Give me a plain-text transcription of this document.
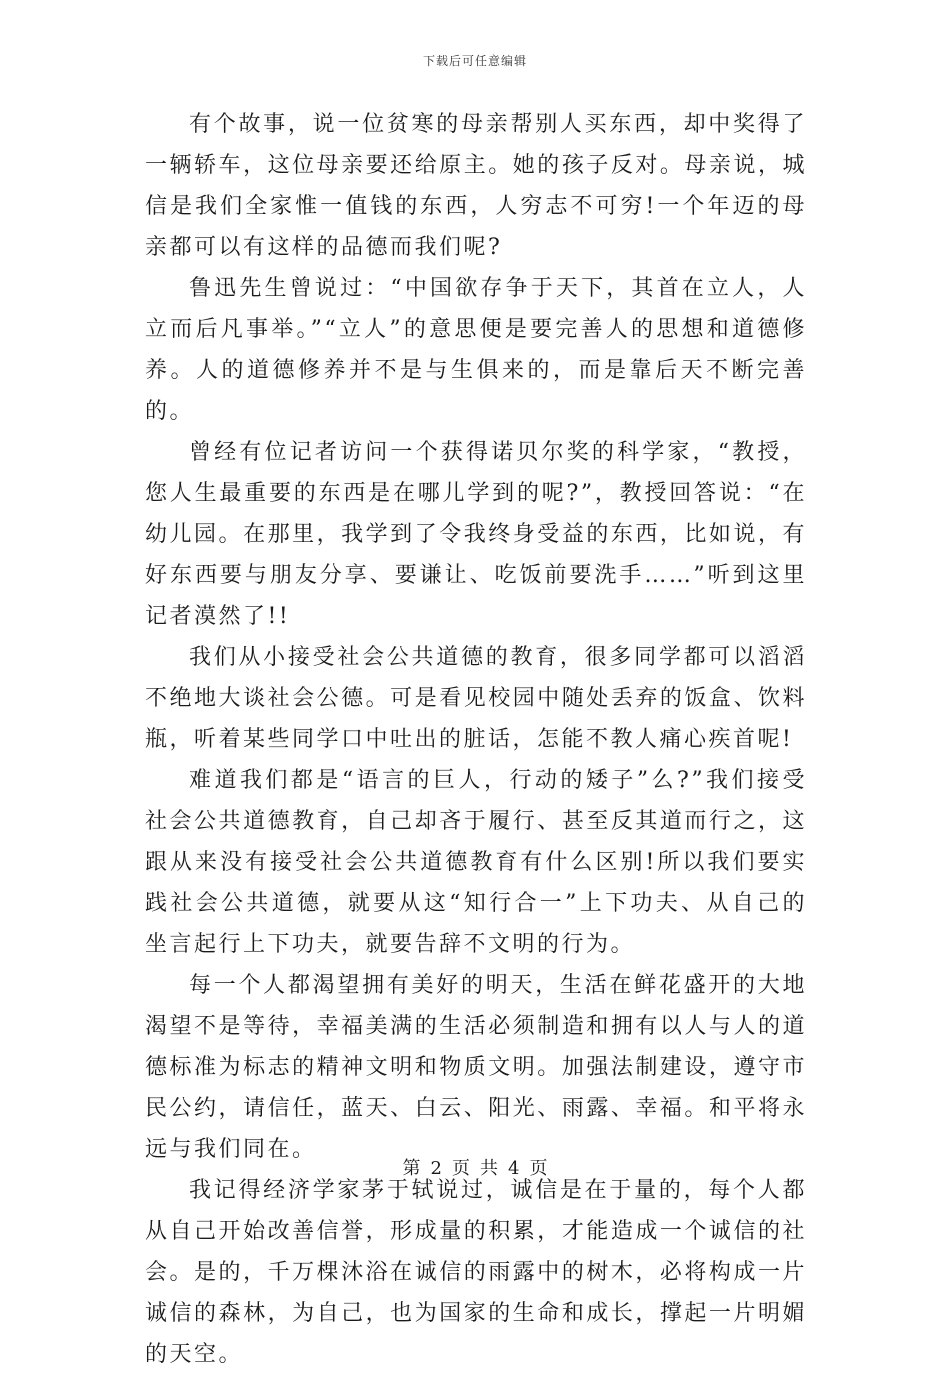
下载后可任意编辑

有个故事，说一位贫寒的母亲帮别人买东西，却中奖得了一辆轿车，这位母亲要还给原主。她的孩子反对。母亲说，城信是我们全家惟一值钱的东西，人穷志不可穷!一个年迈的母亲都可以有这样的品德而我们呢?

鲁迅先生曾说过：“中国欲存争于天下，其首在立人，人立而后凡事举。”“立人”的意思便是要完善人的思想和道德修养。人的道德修养并不是与生俱来的，而是靠后天不断完善的。

曾经有位记者访问一个获得诺贝尔奖的科学家，“教授，您人生最重要的东西是在哪儿学到的呢?”，教授回答说：“在幼儿园。在那里，我学到了令我终身受益的东西，比如说，有好东西要与朋友分享、要谦让、吃饭前要洗手……”听到这里记者漠然了!!

我们从小接受社会公共道德的教育，很多同学都可以滔滔不绝地大谈社会公德。可是看见校园中随处丢弃的饭盒、饮料瓶，听着某些同学口中吐出的脏话，怎能不教人痛心疾首呢!

难道我们都是“语言的巨人，行动的矮子”么?”我们接受社会公共道德教育，自己却吝于履行、甚至反其道而行之，这跟从来没有接受社会公共道德教育有什么区别!所以我们要实践社会公共道德，就要从这“知行合一”上下功夫、从自己的坐言起行上下功夫，就要告辞不文明的行为。

每一个人都渴望拥有美好的明天，生活在鲜花盛开的大地渴望不是等待，幸福美满的生活必须制造和拥有以人与人的道德标准为标志的精神文明和物质文明。加强法制建设，遵守市民公约，请信任，蓝天、白云、阳光、雨露、幸福。和平将永远与我们同在。

我记得经济学家茅于轼说过，诚信是在于量的，每个人都从自己开始改善信誉，形成量的积累，才能造成一个诚信的社会。是的，千万棵沐浴在诚信的雨露中的树木，必将构成一片诚信的森林，为自己，也为国家的生命和成长，撑起一片明媚的天空。

第 2 页 共 4 页
